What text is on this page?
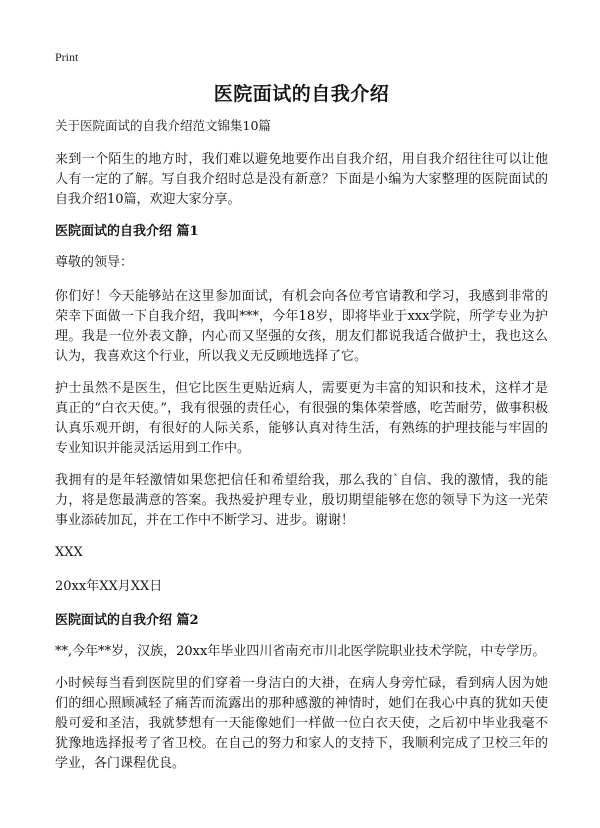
Print
医院面试的自我介绍
关于医院面试的自我介绍范文锦集10篇

来到一个陌生的地方时，我们难以避免地要作出自我介绍，用自我介绍往往可以让他人有一定的了解。写自我介绍时总是没有新意？下面是小编为大家整理的医院面试的自我介绍10篇，欢迎大家分享。

医院面试的自我介绍 篇1

尊敬的领导：

你们好！今天能够站在这里参加面试，有机会向各位考官请教和学习，我感到非常的荣幸下面做一下自我介绍，我叫***，今年18岁，即将毕业于xxx学院，所学专业为护理。我是一位外表文静，内心而又坚强的女孩，朋友们都说我适合做护士，我也这么认为，我喜欢这个行业，所以我义无反顾地选择了它。

护士虽然不是医生，但它比医生更贴近病人，需要更为丰富的知识和技术，这样才是真正的“白衣天使。”，我有很强的责任心，有很强的集体荣誉感，吃苦耐劳，做事积极认真乐观开朗，有很好的人际关系，能够认真对待生活，有熟练的护理技能与牢固的专业知识并能灵活运用到工作中。

我拥有的是年轻激情如果您把信任和希望给我，那么我的`自信、我的激情，我的能力，将是您最满意的答案。我热爱护理专业，殷切期望能够在您的领导下为这一光荣事业添砖加瓦，并在工作中不断学习、进步。谢谢！

XXX

20xx年XX月XX日

医院面试的自我介绍 篇2

**,今年**岁，汉族，20xx年毕业四川省南充市川北医学院职业技术学院，中专学历。

小时候每当看到医院里的们穿着一身洁白的大褂，在病人身旁忙碌，看到病人因为她们的细心照顾减轻了痛苦而流露出的那种感激的神情时，她们在我心中真的犹如天使般可爱和圣洁，我就梦想有一天能像她们一样做一位白衣天使，之后初中毕业我毫不犹豫地选择报考了省卫校。在自己的努力和家人的支持下，我顺利完成了卫校三年的学业，各门课程优良。
